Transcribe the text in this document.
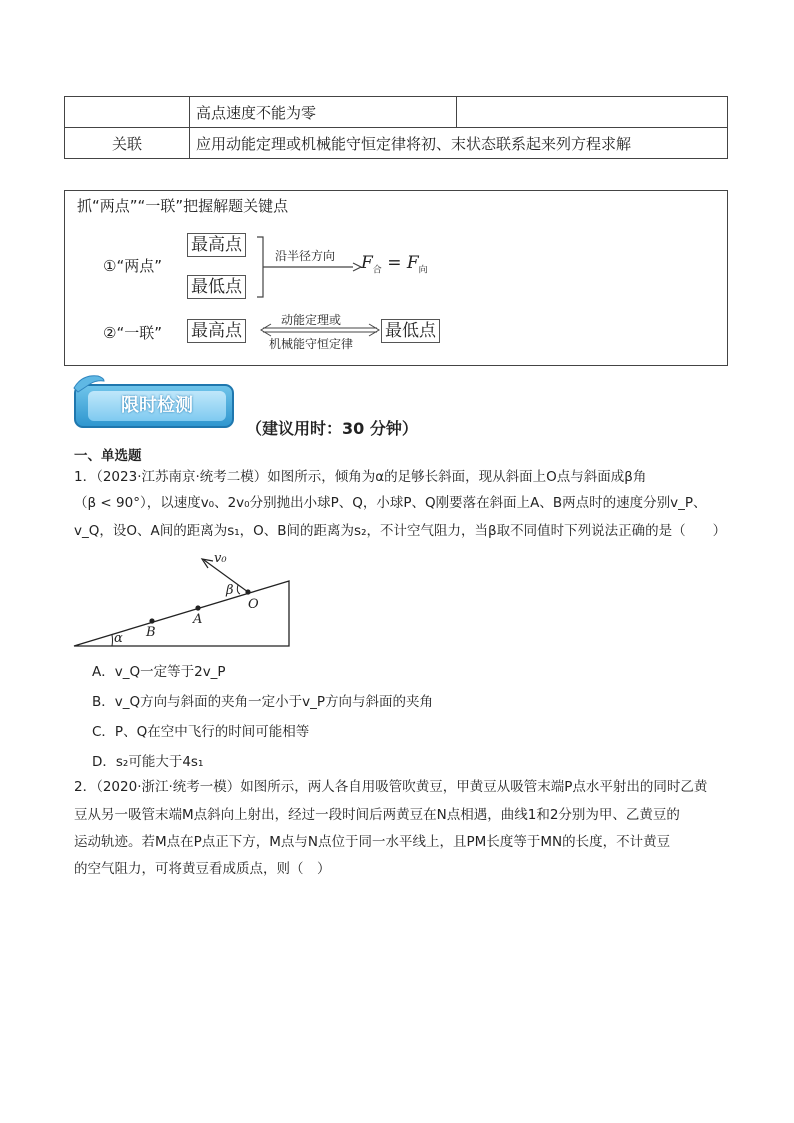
	高点速度不能为零	
关联	应用动能定理或机械能守恒定律将初、末状态联系起来列方程求解	
抓“两点”“一联”把握解题关键点
①“两点”
最高点
最低点
沿半径方向 $F_合 = F_向$
②“一联” 最高点
动能定理或
机械能守恒定律
最低点
限时检测
（建议用时：30 分钟）
一、单选题
1．（2023·江苏南京·统考二模）如图所示，倾角为α的足够长斜面，现从斜面上O点与斜面成β角
（β < 90°），以速度v₀、2v₀分别抛出小球P、Q，小球P、Q刚要落在斜面上A、B两点时的速度分别v_P、
v_Q，设O、A间的距离为s₁，O、B间的距离为s₂，不计空气阻力，当β取不同值时下列说法正确的是（　　）
v₀
β
O
A
B
α
A．v_Q一定等于2v_P
B．v_Q方向与斜面的夹角一定小于v_P方向与斜面的夹角
C．P、Q在空中飞行的时间可能相等
D．s₂可能大于4s₁
2．（2020·浙江·统考一模）如图所示，两人各自用吸管吹黄豆，甲黄豆从吸管末端P点水平射出的同时乙黄
豆从另一吸管末端M点斜向上射出，经过一段时间后两黄豆在N点相遇，曲线1和2分别为甲、乙黄豆的
运动轨迹。若M点在P点正下方，M点与N点位于同一水平线上，且PM长度等于MN的长度，不计黄豆
的空气阻力，可将黄豆看成质点，则（　）
